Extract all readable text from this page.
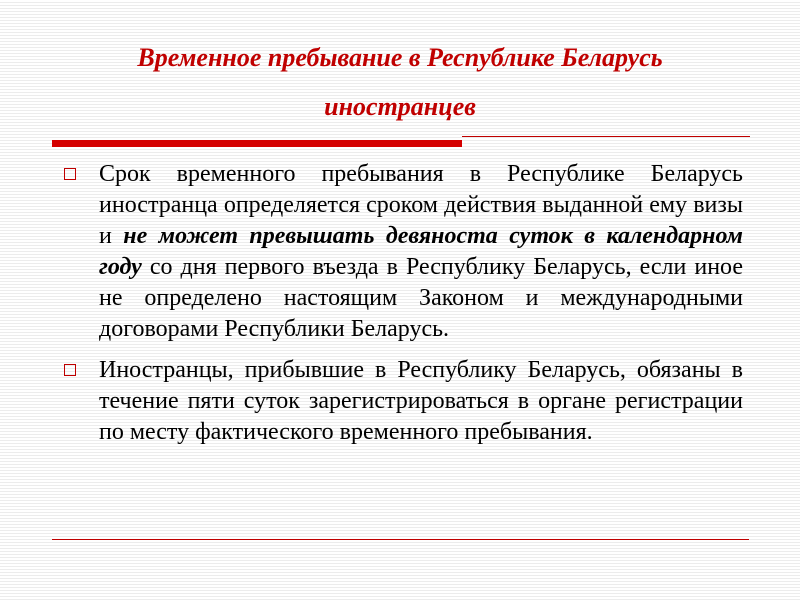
Временное пребывание в Республике Беларусь
иностранцев
Срок временного пребывания в Республике Беларусь иностранца определяется сроком действия выданной ему визы и не может превышать девяноста суток в календарном году со дня первого въезда в Республику Беларусь, если иное не определено настоящим Законом и международными договорами Республики Беларусь.
Иностранцы, прибывшие в Республику Беларусь, обязаны в течение пяти суток зарегистрироваться в органе регистрации по месту фактического временного пребывания.
